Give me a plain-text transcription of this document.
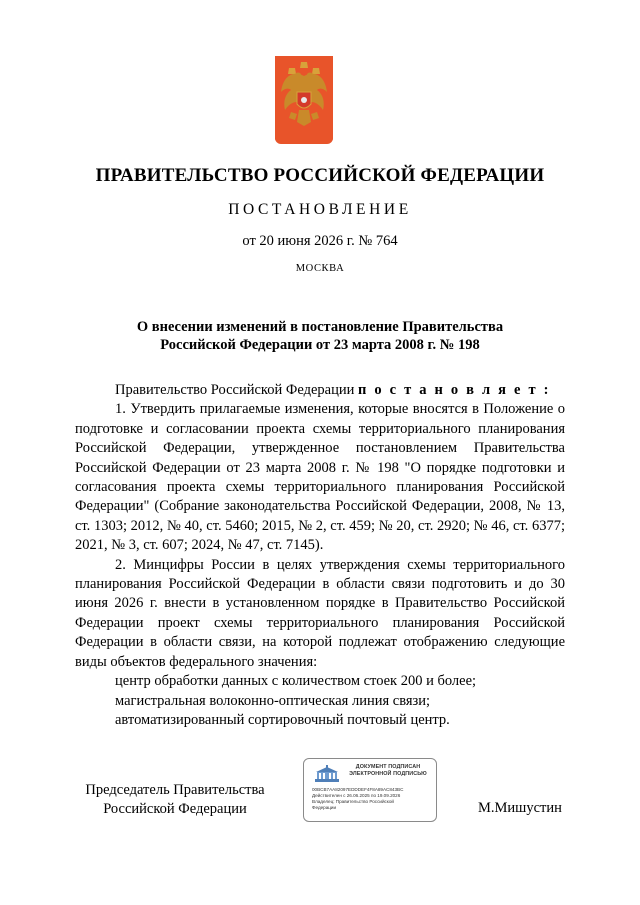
ПРАВИТЕЛЬСТВО РОССИЙСКОЙ ФЕДЕРАЦИИ
ПОСТАНОВЛЕНИЕ
от 20 июня 2026 г. № 764
МОСКВА
О внесении изменений в постановление Правительства
Российской Федерации от 23 марта 2008 г. № 198

Правительство Российской Федерации п о с т а н о в л я е т :

1. Утвердить прилагаемые изменения, которые вносятся в Положение о подготовке и согласовании проекта схемы территориального планирования Российской Федерации, утвержденное постановлением Правительства Российской Федерации от 23 марта 2008 г. № 198 "О порядке подготовки и согласования проекта схемы территориального планирования Российской Федерации" (Собрание законодательства Российской Федерации, 2008, № 13, ст. 1303; 2012, № 40, ст. 5460; 2015, № 2, ст. 459; № 20, ст. 2920; № 46, ст. 6377; 2021, № 3, ст. 607; 2024, № 47, ст. 7145).

2. Минцифры России в целях утверждения схемы территориального планирования Российской Федерации в области связи подготовить и до 30 июня 2026 г. внести в установленном порядке в Правительство Российской Федерации проект схемы территориального планирования Российской Федерации в области связи, на которой подлежат отображению следующие виды объектов федерального значения:

центр обработки данных с количеством стоек 200 и более;

магистральная волоконно-оптическая линия связи;

автоматизированный сортировочный почтовый центр.

Председатель Правительства
Российской Федерации
ДОКУМЕНТ ПОДПИСАН
ЭЛЕКТРОННОЙ ПОДПИСЬЮ
00BCB7AA82097EDDDEF4F8A89AC843BC
Действителен с 26.06.2025 по 19.09.2026
Владелец: Правительство Российской
Федерации	М.Мишустин
